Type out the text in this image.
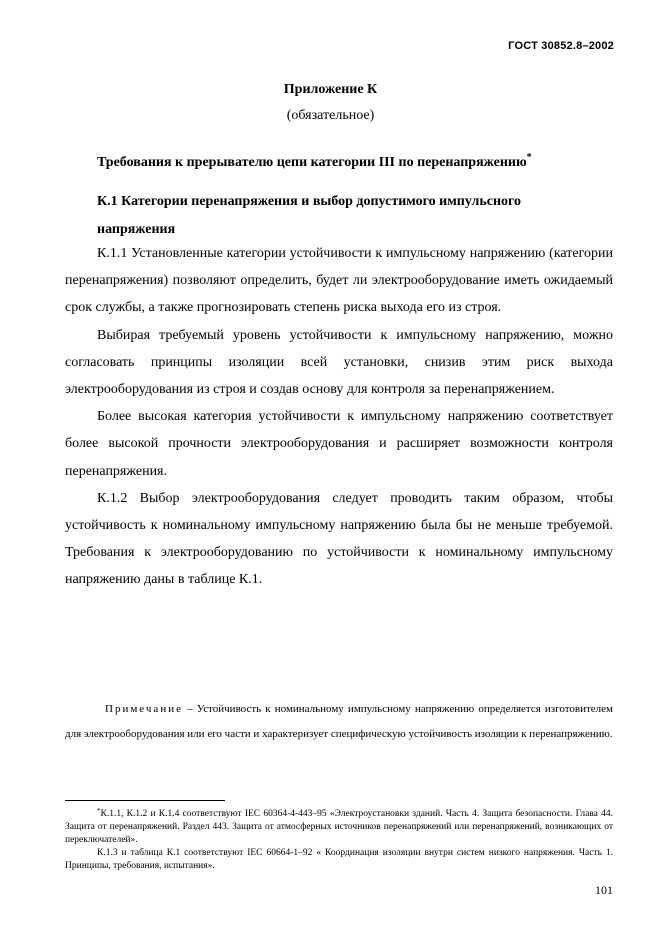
ГОСТ 30852.8–2002
Приложение К
(обязательное)
Требования к прерывателю цепи категории III по перенапряжению*
К.1 Категории перенапряжения и выбор допустимого импульсного напряжения

К.1.1 Установленные категории устойчивости к импульсному напряжению (категории перенапряжения) позволяют определить, будет ли электрооборудование иметь ожидаемый срок службы, а также прогнозировать степень риска выхода его из строя.

Выбирая требуемый уровень устойчивости к импульсному напряжению, можно согласовать принципы изоляции всей установки, снизив этим риск выхода электрооборудования из строя и создав основу для контроля за перенапряжением.

Более высокая категория устойчивости к импульсному напряжению соответствует более высокой прочности электрооборудования и расширяет возможности контроля перенапряжения.

К.1.2 Выбор электрооборудования следует проводить таким образом, чтобы устойчивость к номинальному импульсному напряжению была бы не меньше требуемой. Требования к электрооборудованию по устойчивости к номинальному импульсному напряжению даны в таблице К.1.

Примечание – Устойчивость к номинальному импульсному напряжению определяется изготовителем для электрооборудования или его части и характеризует специфическую устойчивость изоляции к перенапряжению.

*К.1.1, К.1.2 и К.1.4 соответствуют IEC 60364-4-443–95 «Электроустановки зданий. Часть 4. Защита безопасности. Глава 44. Защита от перенапряжений. Раздел 443. Защита от атмосферных источников перенапряжений или перенапряжений, возникающих от переключателей».

К.1.3 и таблица К.1 соответствуют IEC 60664-1–92 « Координация изоляции внутри систем низкого напряжения. Часть 1. Принципы, требования, испытания».

101
